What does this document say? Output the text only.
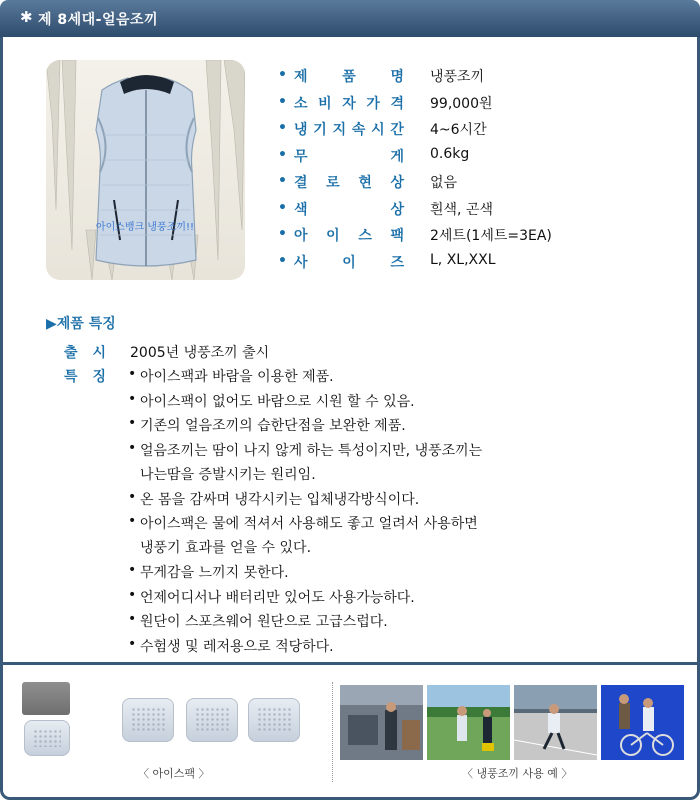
✱ 제 8세대-얼음조끼
아이스뱅크 냉풍조끼!!
• 제 품 명 냉풍조끼
• 소 비 자 가 격 99,000원
• 냉 기 지 속 시 간 4~6시간
• 무	게 0.6kg
• 결 로 현 상 없음
• 색	상 흰색, 곤색
• 아 이 스 팩 2세트(1세트=3EA)
• 사 이 즈 L, XL,XXL
▶제품 특징
출 시 2005년 냉풍조끼 출시
특 징 • 아이스팩과 바람을 이용한 제품.
• 아이스팩이 없어도 바람으로 시원 할 수 있음.
• 기존의 얼음조끼의 습한단점을 보완한 제품.
• 얼음조끼는 땀이 나지 않게 하는 특성이지만, 냉풍조끼는
나는땀을 증발시키는 원리임.
• 온 몸을 감싸며 냉각시키는 입체냉각방식이다.
• 아이스팩은 물에 적셔서 사용해도 좋고 얼려서 사용하면
냉풍기 효과를 얻을 수 있다.
• 무게감을 느끼지 못한다.
• 언제어디서나 배터리만 있어도 사용가능하다.
• 원단이 스포츠웨어 원단으로 고급스럽다.
• 수험생 및 레저용으로 적당하다.
〈 아이스팩 〉	〈 냉풍조끼 사용 예 〉
